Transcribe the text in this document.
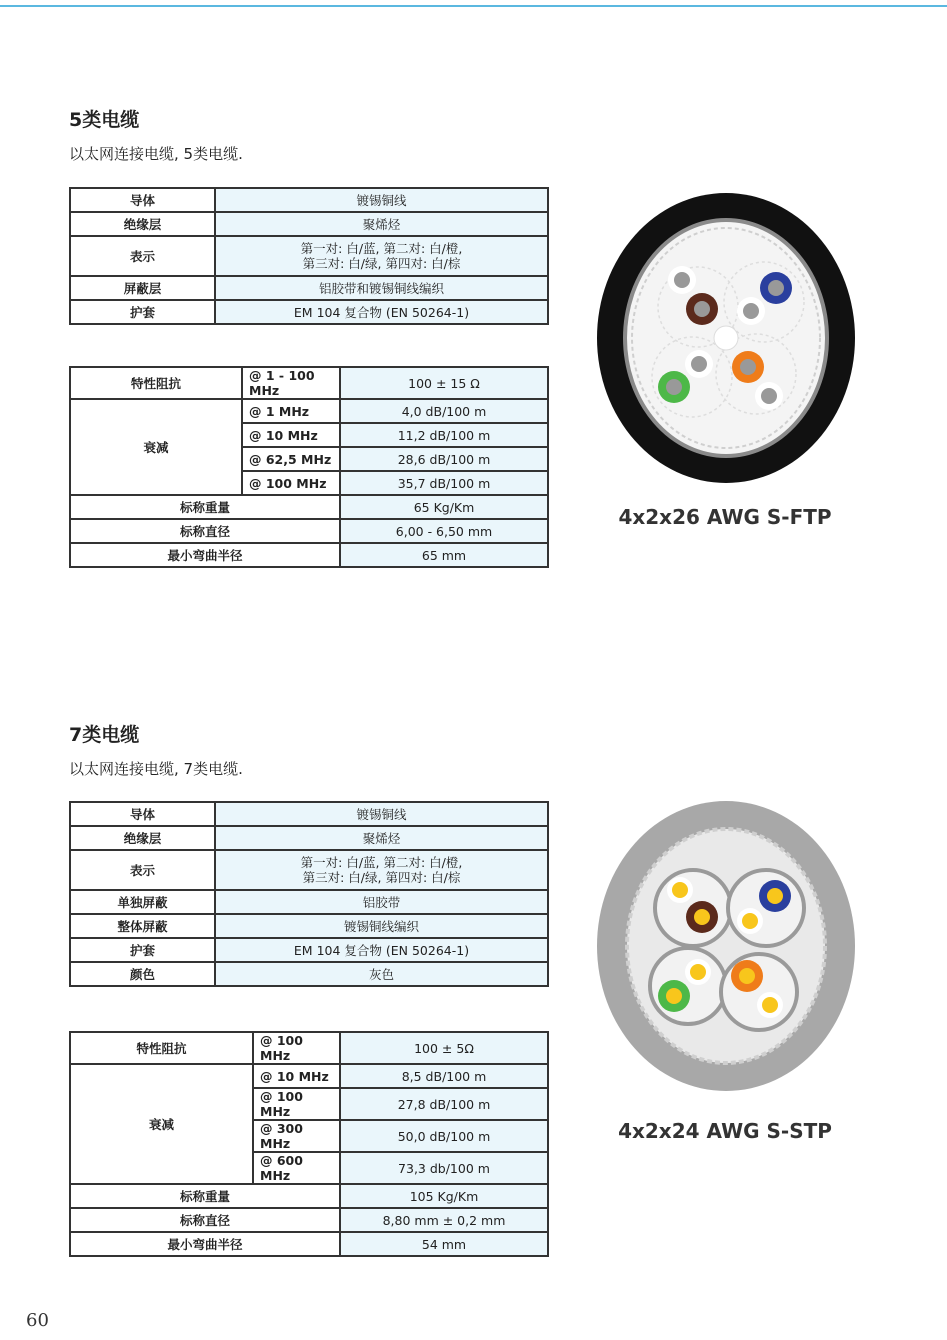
5类电缆
以太网连接电缆, 5类电缆.
导体	镀锡铜线
绝缘层	聚烯烃
表示	第一对: 白/蓝, 第二对: 白/橙,
第三对: 白/绿, 第四对: 白/棕

屏蔽层	铝胶带和镀锡铜线编织
护套	EM 104 复合物 (EN 50264-1)
特性阻抗	@ 1 - 100 MHz	100 ± 15 Ω
衰减	@ 1 MHz	4,0 dB/100 m
	@ 10 MHz	11,2 dB/100 m
	@ 62,5 MHz	28,6 dB/100 m
	@ 100 MHz	35,7 dB/100 m
标称重量		65 Kg/Km
标称直径		6,00 - 6,50 mm
最小弯曲半径		65 mm
4x2x26 AWG S-FTP
7类电缆
以太网连接电缆, 7类电缆.
导体	镀锡铜线
绝缘层	聚烯烃
表示	第一对: 白/蓝, 第二对: 白/橙,
第三对: 白/绿, 第四对: 白/棕

单独屏蔽	铝胶带
整体屏蔽	镀锡铜线编织
护套	EM 104 复合物 (EN 50264-1)
颜色	灰色
特性阻抗	@ 100 MHz	100 ± 5Ω
衰减	@ 10 MHz	8,5 dB/100 m
	@ 100 MHz	27,8 dB/100 m
	@ 300 MHz	50,0 dB/100 m
	@ 600 MHz	73,3 db/100 m
标称重量		105 Kg/Km
标称直径		8,80 mm ± 0,2 mm
最小弯曲半径		54 mm
4x2x24 AWG S-STP
60
